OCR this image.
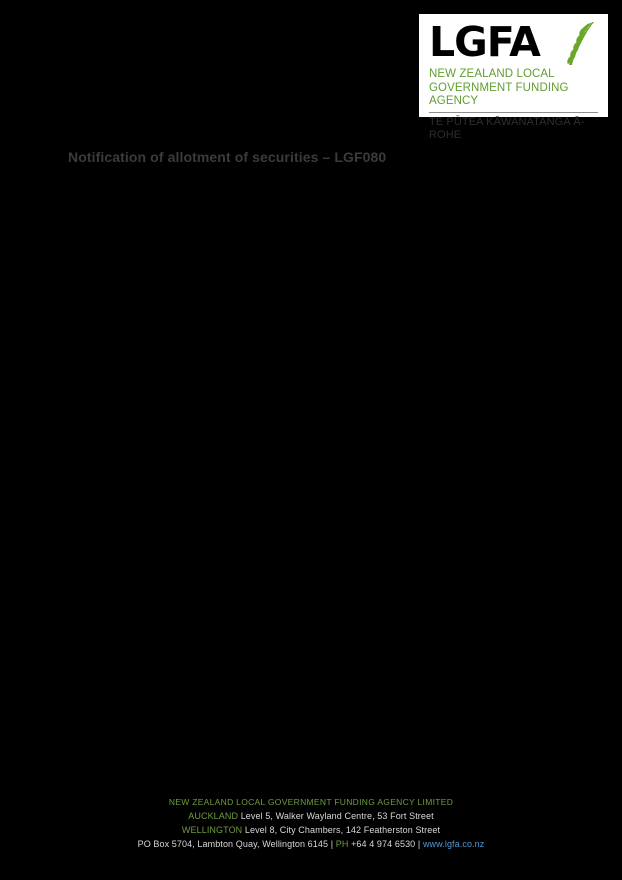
LGFA
NEW ZEALAND LOCAL
GOVERNMENT FUNDING AGENCY
TE PŪTEA KĀWANATANGA Ā-ROHE
Notification of allotment of securities – LGF080

NEW ZEALAND LOCAL GOVERNMENT FUNDING AGENCY LIMITED

AUCKLAND Level 5, Walker Wayland Centre, 53 Fort Street

WELLINGTON Level 8, City Chambers, 142 Featherston Street

PO Box 5704, Lambton Quay, Wellington 6145 | PH +64 4 974 6530 | www.lgfa.co.nz
